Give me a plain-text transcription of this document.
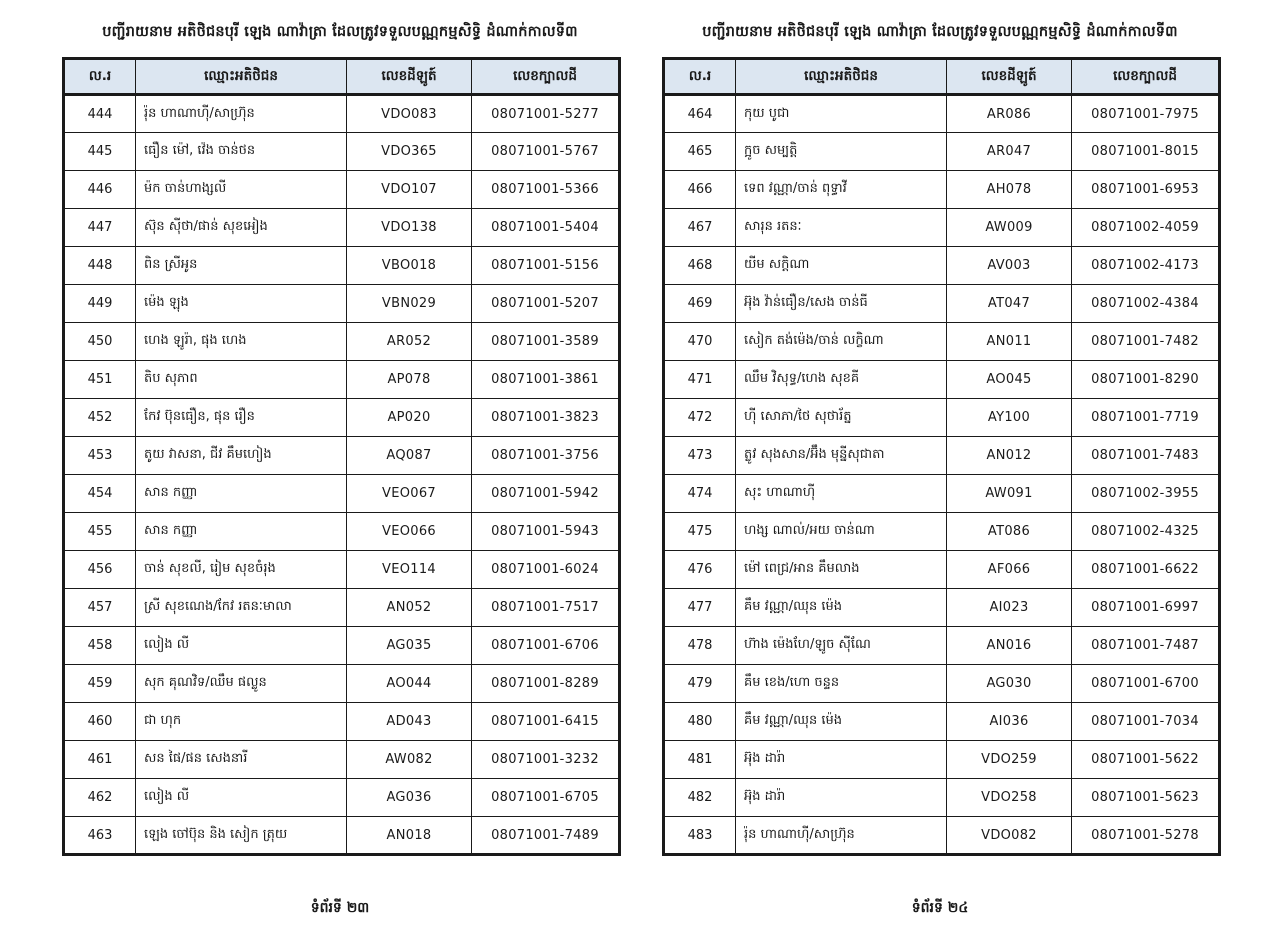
បញ្ជីរាយនាម អតិថិជនបុរី ឡេង ណាវ៉ាត្រា ដែលត្រូវទទួលបណ្ណកម្មសិទ្ធិ ដំណាក់កាលទី៣
ល.រ	ឈ្មោះអតិថិជន	លេខដីឡូត៍	លេខក្បាលដី
444	រ៉ុន ហាណាហ៊ី/សាហ្រ៊ុន	VDO083	08071001-5277
445	ធឿន ម៉ៅ, វ៉េង ចាន់ថន	VDO365	08071001-5767
446	ម៉ក ចាន់ហាង្សលី	VDO107	08071001-5366
447	ស៊ុន ស៊ីថា/ផាន់ សុខអៀង	VDO138	08071001-5404
448	ពិន ស្រីអូន	VBO018	08071001-5156
449	ម៉េង ឡុង	VBN029	08071001-5207
450	ហេង ឡូរ៉ា, ផុង ហេង	AR052	08071001-3589
451	តិប សុភាព	AP078	08071001-3861
452	កែវ ប៊ុនធឿន, ផុន រឿន	AP020	08071001-3823
453	តូយ វាសនា, ជីវ គឹមហៀង	AQ087	08071001-3756
454	សាន កញ្ញា	VEO067	08071001-5942
455	សាន កញ្ញា	VEO066	08071001-5943
456	ចាន់ សុខលី, រៀម សុខចំរុង	VEO114	08071001-6024
457	ស្រី សុខណេង/កែវ រតនៈមាលា	AN052	08071001-7517
458	លៀង លី	AG035	08071001-6706
459	សុក គុណវិទ/ឈឹម ផល្លូន	AO044	08071001-8289
460	ជា ហុក	AD043	08071001-6415
461	សន ផៃ/ផន សេងនារី	AW082	08071001-3232
462	លៀង លី	AG036	08071001-6705
463	ឡេង ចៅប៊ុន និង សៀក ត្រុយ	AN018	08071001-7489
ទំព័រទី ២៣
បញ្ជីរាយនាម អតិថិជនបុរី ឡេង ណាវ៉ាត្រា ដែលត្រូវទទួលបណ្ណកម្មសិទ្ធិ ដំណាក់កាលទី៣
ល.រ	ឈ្មោះអតិថិជន	លេខដីឡូត៍	លេខក្បាលដី
464	កុយ បូជា	AR086	08071001-7975
465	ក្អូច សម្បត្តិ	AR047	08071001-8015
466	ទេព វណ្ណា/ចាន់ ពុទ្ធាវី	AH078	08071001-6953
467	សារុន រតនៈ	AW009	08071002-4059
468	យីម សក្តិណា	AV003	08071002-4173
469	អ៊ុង វ៉ាន់ធឿន/សេង ចាន់ធី	AT047	08071002-4384
470	សៀក តង់ម៉េង/ចាន់ លក្ខិណា	AN011	08071001-7482
471	ឈឹម វិសុទ្ធ/ហេង សុខគី	AO045	08071001-8290
472	ហ៊ី សោភា/ថៃ សុថារ័ត្ន	AY100	08071001-7719
473	ត្លូវ សុងសាន/អ៊ឹង មុន្នីសុជាតា	AN012	08071001-7483
474	សុះ ហាណាហ៊ី	AW091	08071002-3955
475	ហង្ស ណាល់/អយ ចាន់ណា	AT086	08071002-4325
476	ម៉ៅ ពេជ្រ/អាន គឹមលាង	AF066	08071001-6622
477	គឹម វណ្ណា/ឈុន ម៉េង	AI023	08071001-6997
478	ហ៊ាង ម៉េងហែ/ឡូច ស៊ីណែ	AN016	08071001-7487
479	គឹម ខេង/ហោ ចន្ទន	AG030	08071001-6700
480	គឹម វណ្ណា/ឈុន ម៉េង	AI036	08071001-7034
481	អ៊ុង ដារ៉ា	VDO259	08071001-5622
482	អ៊ុង ដារ៉ា	VDO258	08071001-5623
483	រ៉ុន ហាណាហ៊ី/សាហ្រ៊ុន	VDO082	08071001-5278
ទំព័រទី ២៤
